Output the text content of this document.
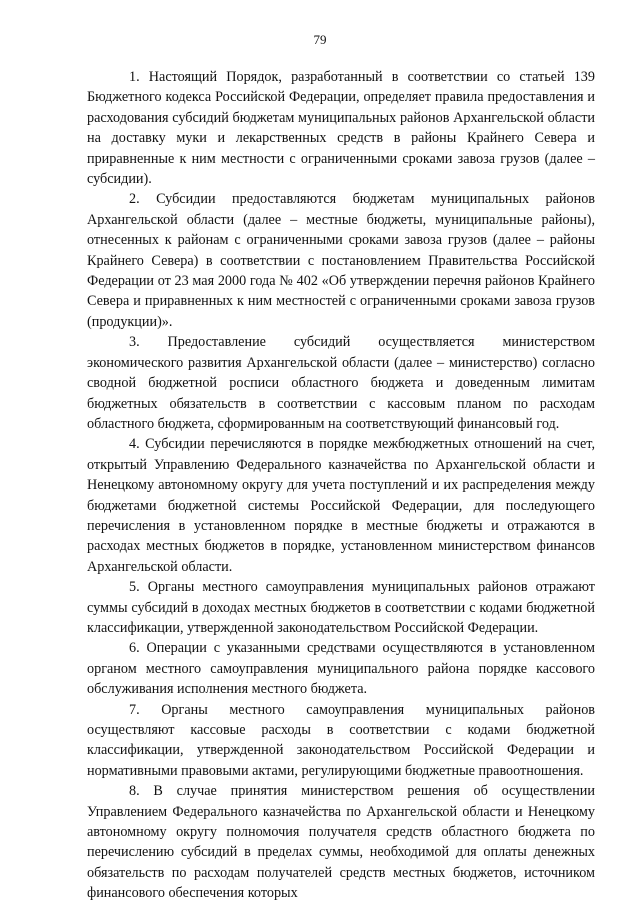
79

1. Настоящий Порядок, разработанный в соответствии со статьей 139 Бюджетного кодекса Российской Федерации, определяет правила предоставления и расходования субсидий бюджетам муниципальных районов Архангельской области на доставку муки и лекарственных средств в районы Крайнего Севера и приравненные к ним местности с ограниченными сроками завоза грузов (далее – субсидии).

2. Субсидии предоставляются бюджетам муниципальных районов Архангельской области (далее – местные бюджеты, муниципальные районы), отнесенных к районам с ограниченными сроками завоза грузов (далее – районы Крайнего Севера) в соответствии с постановлением Правительства Российской Федерации от 23 мая 2000 года № 402 «Об утверждении перечня районов Крайнего Севера и приравненных к ним местностей с ограниченными сроками завоза грузов (продукции)».

3. Предоставление субсидий осуществляется министерством экономического развития Архангельской области (далее – министерство) согласно сводной бюджетной росписи областного бюджета и доведенным лимитам бюджетных обязательств в соответствии с кассовым планом по расходам областного бюджета, сформированным на соответствующий финансовый год.

4. Субсидии перечисляются в порядке межбюджетных отношений на счет, открытый Управлению Федерального казначейства по Архангельской области и Ненецкому автономному округу для учета поступлений и их распределения между бюджетами бюджетной системы Российской Федерации, для последующего перечисления в установленном порядке в местные бюджеты и отражаются в расходах местных бюджетов в порядке, установленном министерством финансов Архангельской области.

5. Органы местного самоуправления муниципальных районов отражают суммы субсидий в доходах местных бюджетов в соответствии с кодами бюджетной классификации, утвержденной законодательством Российской Федерации.

6. Операции с указанными средствами осуществляются в установленном органом местного самоуправления муниципального района порядке кассового обслуживания исполнения местного бюджета.

7. Органы местного самоуправления муниципальных районов осуществляют кассовые расходы в соответствии с кодами бюджетной классификации, утвержденной законодательством Российской Федерации и нормативными правовыми актами, регулирующими бюджетные правоотношения.

8. В случае принятия министерством решения об осуществлении Управлением Федерального казначейства по Архангельской области и Ненецкому автономному округу полномочия получателя средств областного бюджета по перечислению субсидий в пределах суммы, необходимой для оплаты денежных обязательств по расходам получателей средств местных бюджетов, источником финансового обеспечения которых
